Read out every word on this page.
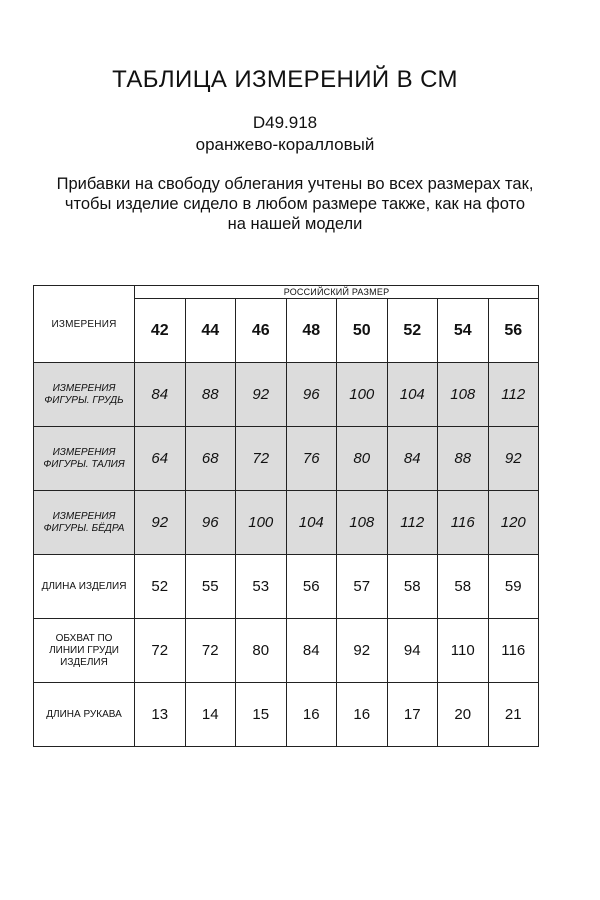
ТАБЛИЦА ИЗМЕРЕНИЙ В СМ
D49.918
оранжево-коралловый
Прибавки на свободу облегания учтены во всех размерах так,
чтобы изделие сидело в любом размере также, как на фото
на нашей модели
ИЗМЕРЕНИЯ	РОССИЙСКИЙ РАЗМЕР							
	42	44	46	48	50	52	54	56

ИЗМЕРЕНИЯ
ФИГУРЫ. ГРУДЬ	84	88	92	96	100	104	108	112

ИЗМЕРЕНИЯ
ФИГУРЫ. ТАЛИЯ	64	68	72	76	80	84	88	92

ИЗМЕРЕНИЯ
ФИГУРЫ. БЁДРА	92	96	100	104	108	112	116	120

ДЛИНА ИЗДЕЛИЯ	52	55	53	56	57	58	58	59

ОБХВАТ ПО
ЛИНИИ ГРУДИ
ИЗДЕЛИЯ	72	72	80	84	92	94	110	116

ДЛИНА РУКАВА	13	14	15	16	16	17	20	21
